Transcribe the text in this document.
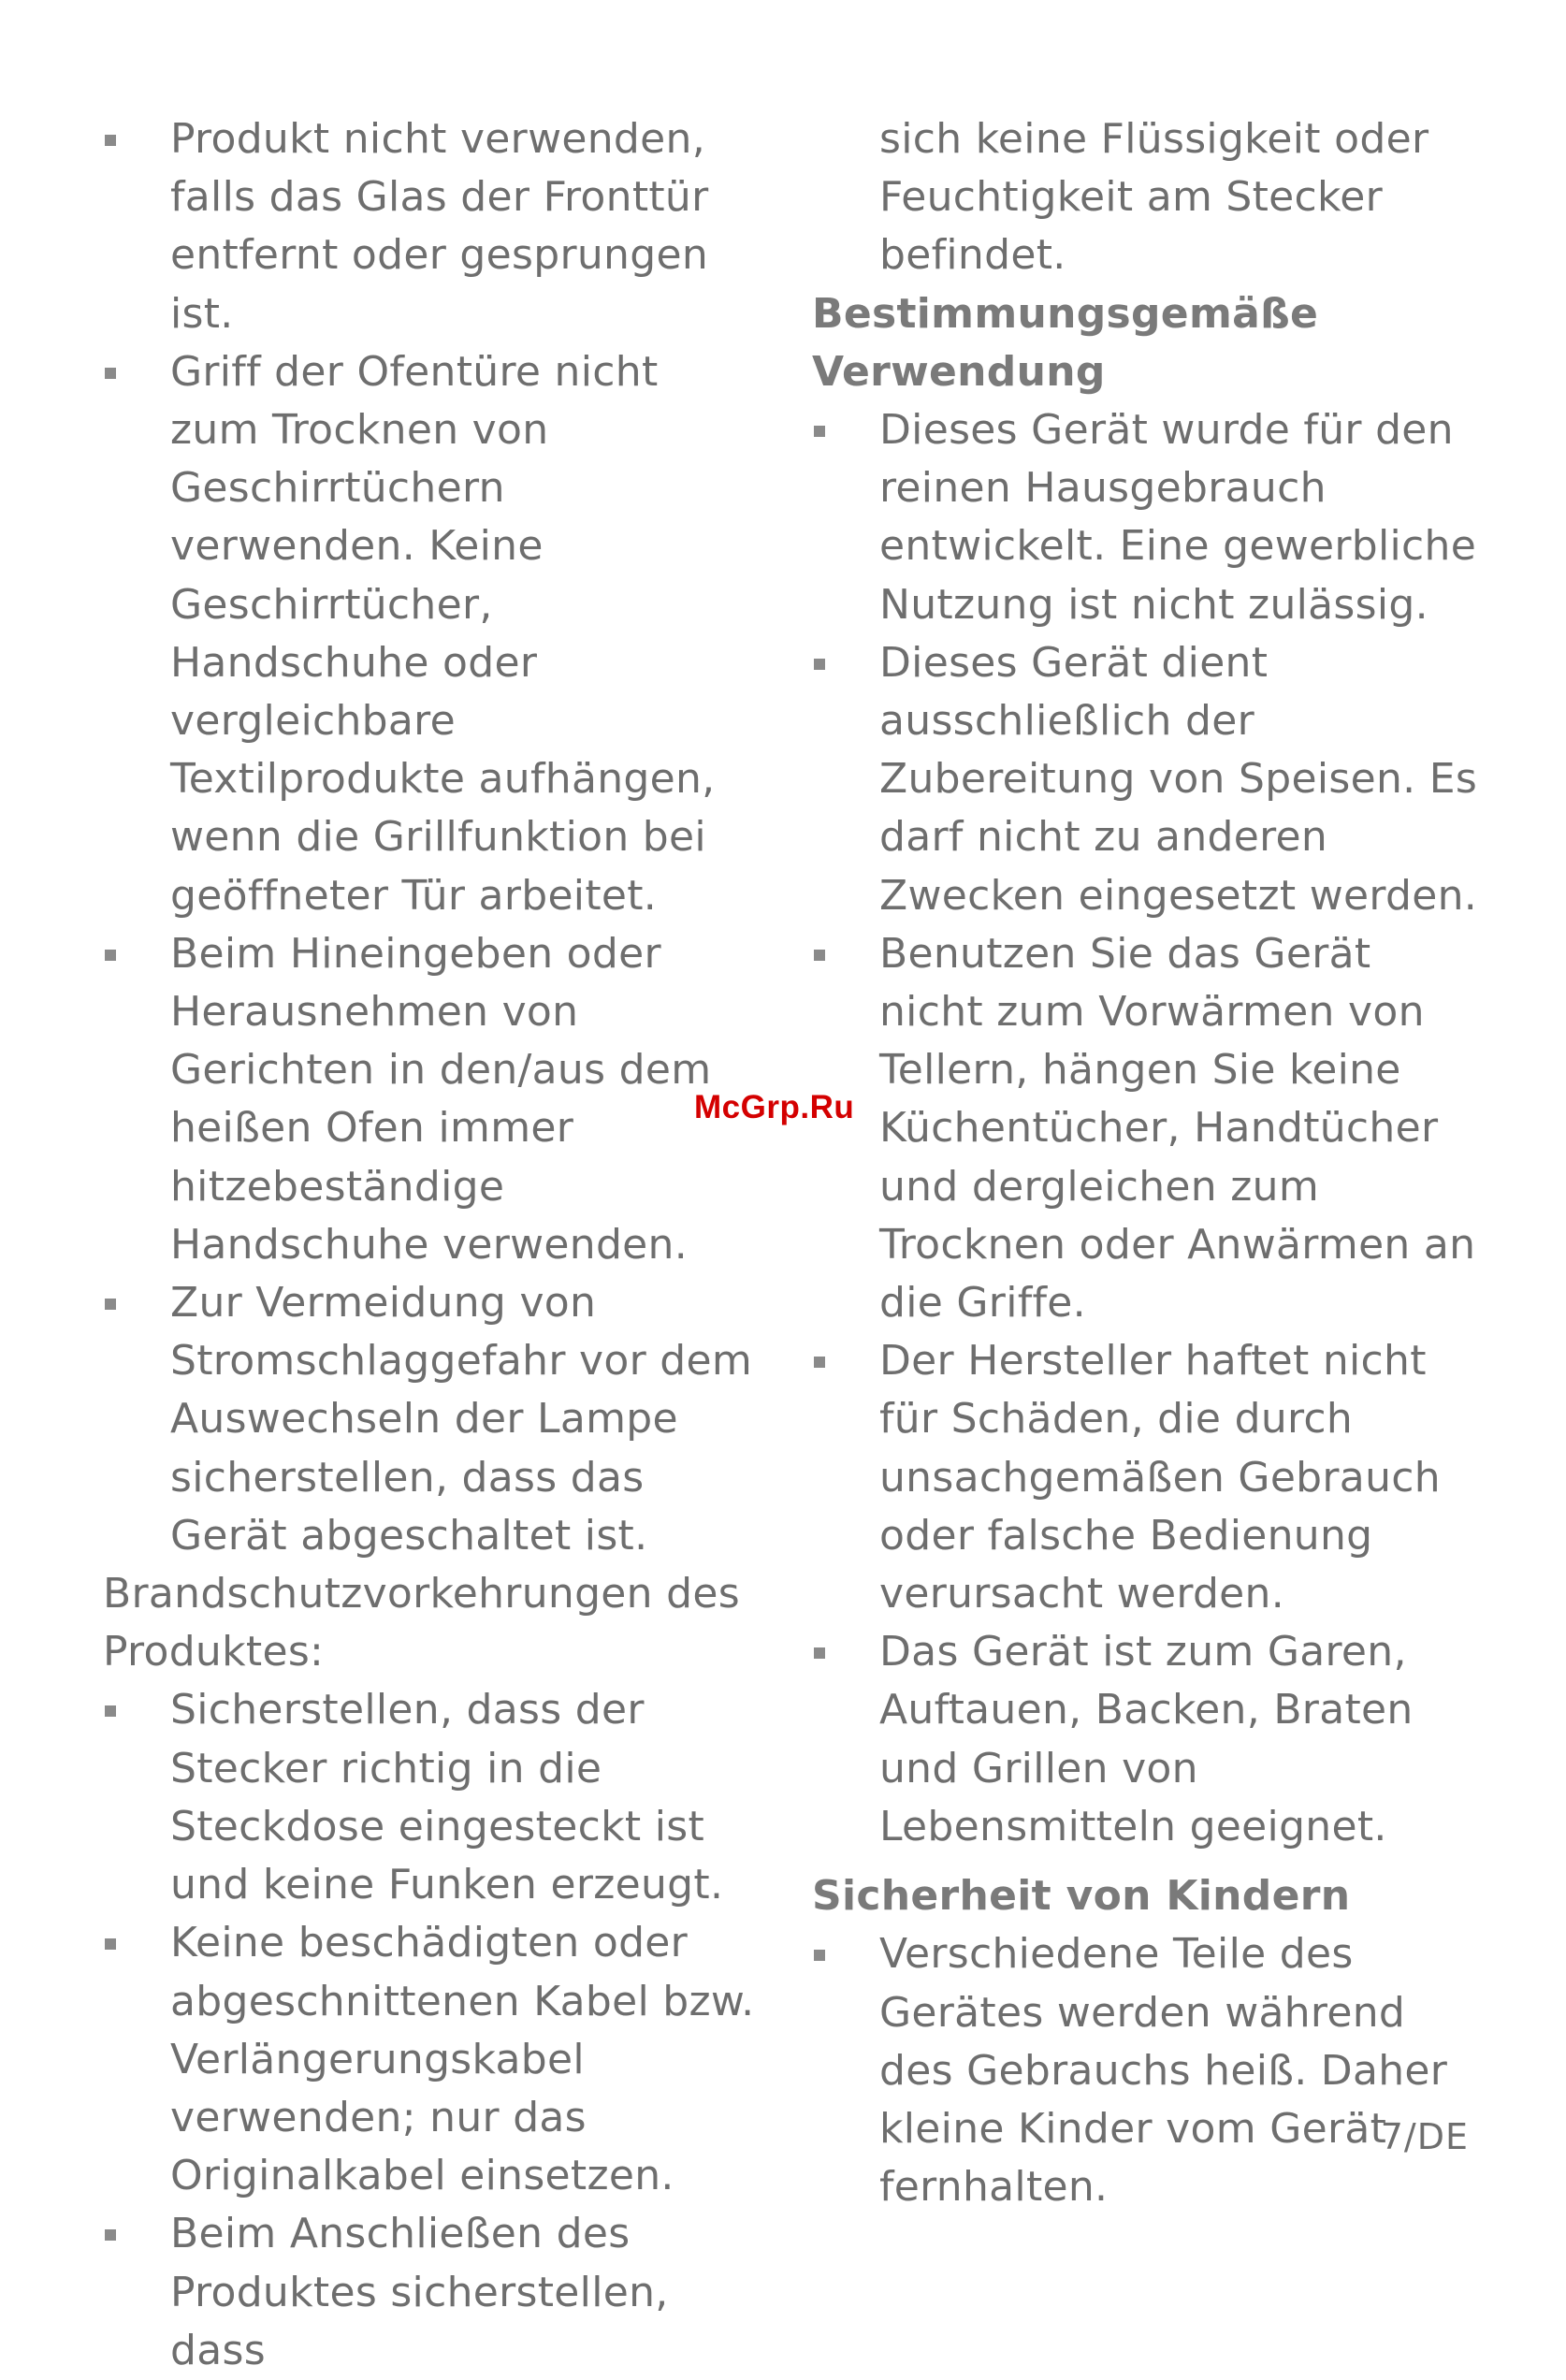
Produkt nicht verwenden, falls das Glas der Fronttür entfernt oder gesprungen ist.
Griff der Ofentüre nicht zum Trocknen von Geschirrtüchern verwenden. Keine Geschirrtücher, Handschuhe oder vergleichbare Textilprodukte aufhängen, wenn die Grillfunktion bei geöffneter Tür arbeitet.
Beim Hineingeben oder Herausnehmen von Gerichten in den/aus dem heißen Ofen immer hitzebeständige Handschuhe verwenden.
Zur Vermeidung von Stromschlaggefahr vor dem Auswechseln der Lampe sicherstellen, dass das Gerät abgeschaltet ist.
Brandschutzvorkehrungen des Produktes:
Sicherstellen, dass der Stecker richtig in die Steckdose eingesteckt ist und keine Funken erzeugt.
Keine beschädigten oder abgeschnittenen Kabel bzw. Verlängerungskabel verwenden; nur das Originalkabel einsetzen.
Beim Anschließen des Produktes sicherstellen, dass
sich keine Flüssigkeit oder Feuchtigkeit am Stecker befindet.
Bestimmungsgemäße Verwendung
Dieses Gerät wurde für den reinen Hausgebrauch entwickelt. Eine gewerbliche Nutzung ist nicht zulässig.
Dieses Gerät dient ausschließlich der Zubereitung von Speisen. Es darf nicht zu anderen Zwecken eingesetzt werden.
Benutzen Sie das Gerät nicht zum Vorwärmen von Tellern, hängen Sie keine Küchentücher, Handtücher und dergleichen zum Trocknen oder Anwärmen an die Griffe.
Der Hersteller haftet nicht für Schäden, die durch unsachgemäßen Gebrauch oder falsche Bedienung verursacht werden.
Das Gerät ist zum Garen, Auftauen, Backen, Braten und Grillen von Lebensmitteln geeignet.
Sicherheit von Kindern
Verschiedene Teile des Gerätes werden während des Gebrauchs heiß. Daher kleine Kinder vom Gerät fernhalten.
McGrp.Ru
7/DE
